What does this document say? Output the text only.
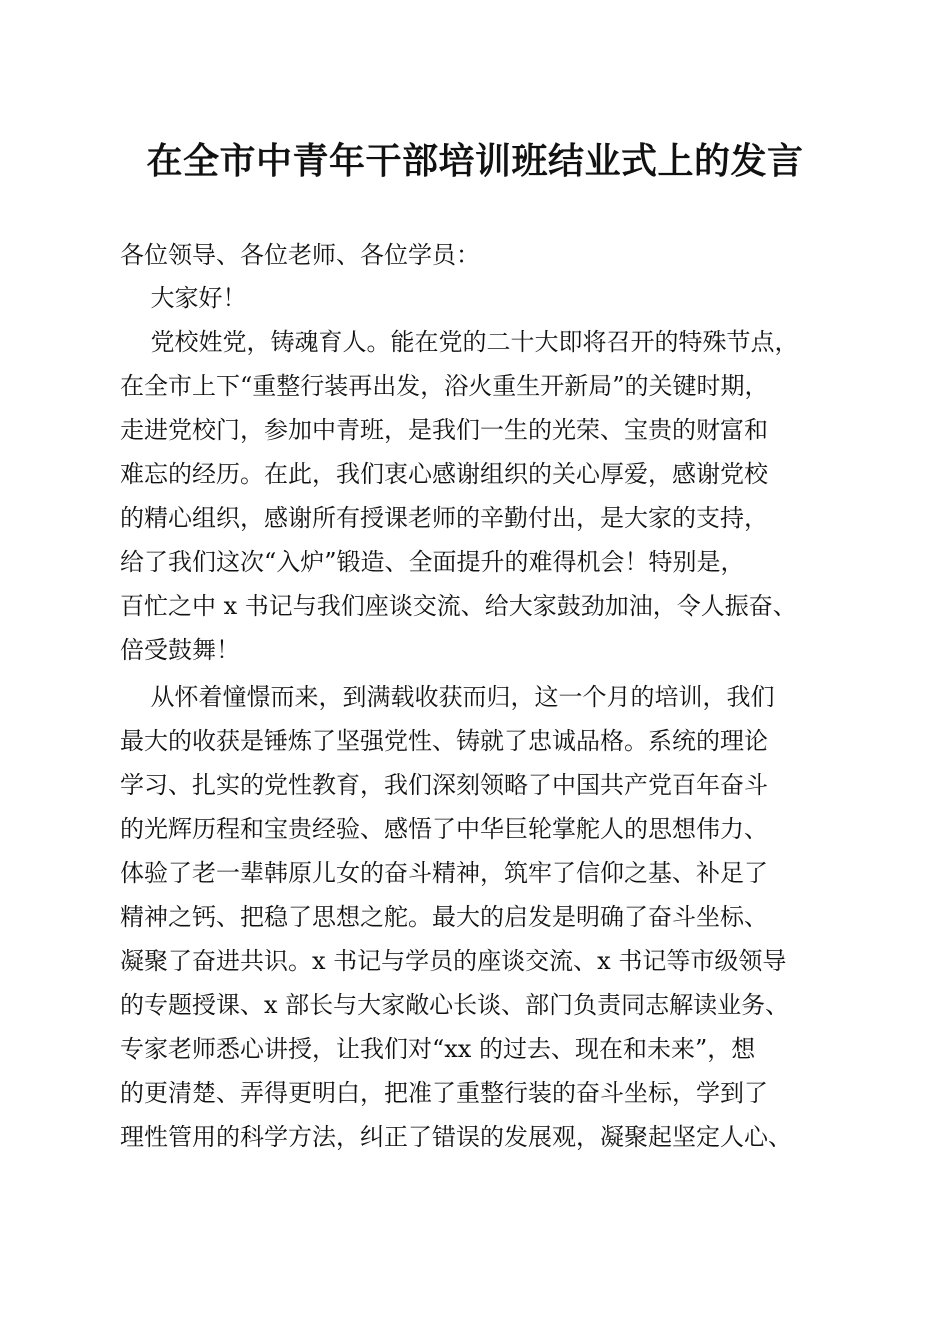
在全市中青年干部培训班结业式上的发言
各位领导、各位老师、各位学员：
大家好！
党校姓党，铸魂育人。能在党的二十大即将召开的特殊节点，
在全市上下“重整行装再出发，浴火重生开新局”的关键时期，
走进党校门，参加中青班，是我们一生的光荣、宝贵的财富和
难忘的经历。在此，我们衷心感谢组织的关心厚爱，感谢党校
的精心组织，感谢所有授课老师的辛勤付出，是大家的支持，
给了我们这次“入炉”锻造、全面提升的难得机会！特别是，
百忙之中 x 书记与我们座谈交流、给大家鼓劲加油，令人振奋、
倍受鼓舞！
从怀着憧憬而来，到满载收获而归，这一个月的培训，我们
最大的收获是锤炼了坚强党性、铸就了忠诚品格。系统的理论
学习、扎实的党性教育，我们深刻领略了中国共产党百年奋斗
的光辉历程和宝贵经验、感悟了中华巨轮掌舵人的思想伟力、
体验了老一辈韩原儿女的奋斗精神，筑牢了信仰之基、补足了
精神之钙、把稳了思想之舵。最大的启发是明确了奋斗坐标、
凝聚了奋进共识。x 书记与学员的座谈交流、x 书记等市级领导
的专题授课、x 部长与大家敞心长谈、部门负责同志解读业务、
专家老师悉心讲授，让我们对“xx 的过去、现在和未来”，想
的更清楚、弄得更明白，把准了重整行装的奋斗坐标，学到了
理性管用的科学方法，纠正了错误的发展观，凝聚起坚定人心、
